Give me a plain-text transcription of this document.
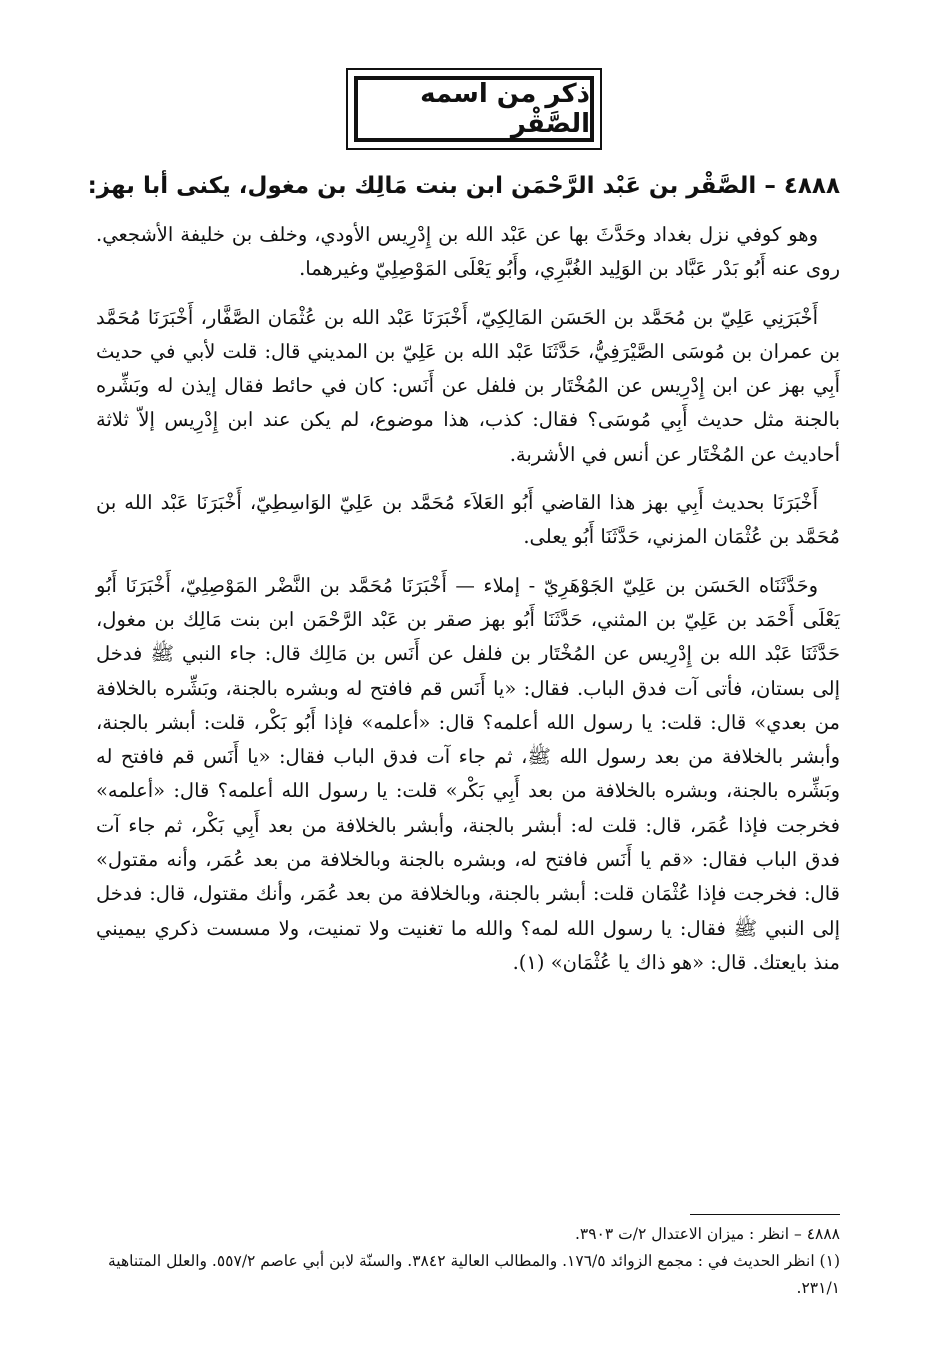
ذكر من اسمه الصَّقْر
٤٨٨٨ – الصَّقْر بن عَبْد الرَّحْمَن ابن بنت مَالِك بن مغول، يكنى أبا بهز:

وهو كوفي نزل بغداد وحَدَّثَ بها عن عَبْد الله بن إِدْرِيس الأودي، وخلف بن خليفة الأشجعي. روى عنه أَبُو بَدْر عَبَّاد بن الوَلِيد الغُبَّرِي، وأَبُو يَعْلَى المَوْصِلِيّ وغيرهما.

أَخْبَرَنِي عَلِيّ بن مُحَمَّد بن الحَسَن المَالِكِيّ، أَخْبَرَنَا عَبْد الله بن عُثْمَان الصَّفَّار، أَخْبَرَنَا مُحَمَّد بن عمران بن مُوسَى الصَّيْرَفِيُّ، حَدَّثَنَا عَبْد الله بن عَلِيّ بن المديني قال: قلت لأبي في حديث أَبِي بهز عن ابن إِدْرِيس عن المُخْتَار بن فلفل عن أَنَس: كان في حائط فقال إيذن له وبَشِّره بالجنة مثل حديث أَبِي مُوسَى؟ فقال: كذب، هذا موضوع، لم يكن عند ابن إِدْرِيس إلاّ ثلاثة أحاديث عن المُخْتَار عن أنس في الأشربة.

أَخْبَرَنَا بحديث أَبِي بهز هذا القاضي أَبُو العَلاَء مُحَمَّد بن عَلِيّ الوَاسِطِيّ، أَخْبَرَنَا عَبْد الله بن مُحَمَّد بن عُثْمَان المزني، حَدَّثَنَا أَبُو يعلى.

وحَدَّثَنَاه الحَسَن بن عَلِيّ الجَوْهَرِيّ - إملاء — أَخْبَرَنَا مُحَمَّد بن النَّضْر المَوْصِلِيّ، أَخْبَرَنَا أَبُو يَعْلَى أَحْمَد بن عَلِيّ بن المثني، حَدَّثَنَا أَبُو بهز صقر بن عَبْد الرَّحْمَن ابن بنت مَالِك بن مغول، حَدَّثَنَا عَبْد الله بن إِدْرِيس عن المُخْتَار بن فلفل عن أَنَس بن مَالِك قال: جاء النبي ﷺ فدخل إلى بستان، فأتى آت فدق الباب. فقال: «يا أَنَس قم فافتح له وبشره بالجنة، وبَشِّره بالخلافة من بعدي» قال: قلت: يا رسول الله أعلمه؟ قال: «أعلمه» فإذا أَبُو بَكْر، قلت: أبشر بالجنة، وأبشر بالخلافة من بعد رسول الله ﷺ، ثم جاء آت فدق الباب فقال: «يا أَنَس قم فافتح له وبَشِّره بالجنة، وبشره بالخلافة من بعد أَبِي بَكْر» قلت: يا رسول الله أعلمه؟ قال: «أعلمه» فخرجت فإذا عُمَر، قال: قلت له: أبشر بالجنة، وأبشر بالخلافة من بعد أَبِي بَكْر، ثم جاء آت فدق الباب فقال: «قم يا أَنَس فافتح له، وبشره بالجنة وبالخلافة من بعد عُمَر، وأنه مقتول» قال: فخرجت فإذا عُثْمَان قلت: أبشر بالجنة، وبالخلافة من بعد عُمَر، وأنك مقتول، قال: فدخل إلى النبي ﷺ فقال: يا رسول الله لمه؟ والله ما تغنيت ولا تمنيت، ولا مسست ذكري بيميني منذ بايعتك. قال: «هو ذاك يا عُثْمَان» (١).

٤٨٨٨ – انظر : ميزان الاعتدال ٢/ت ٣٩٠٣.

(١) انظر الحديث في : مجمع الزوائد ١٧٦/٥. والمطالب العالية ٣٨٤٢. والسنّة لابن أبي عاصم ٥٥٧/٢. والعلل المتناهية ٢٣١/١.
